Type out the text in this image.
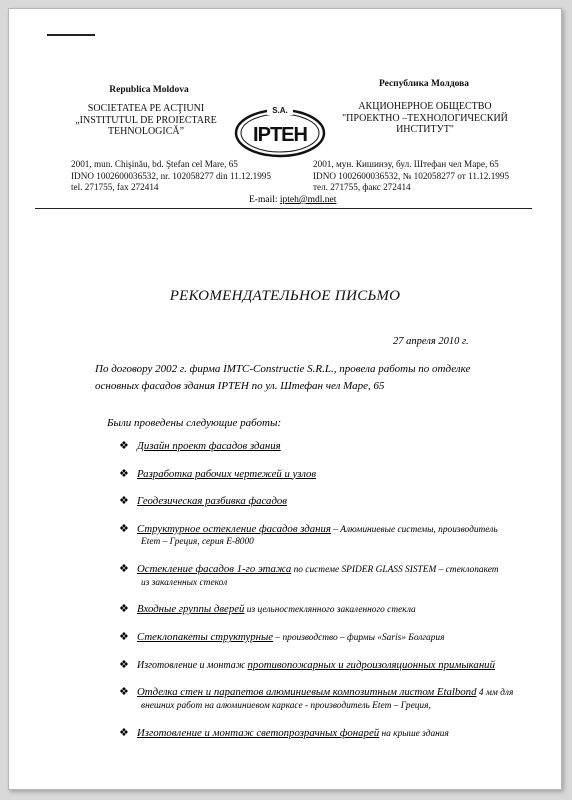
Republica Moldova
SOCIETATEA PE ACŢIUNI
„INSTITUTUL DE PROIECTARE
TEHNOLOGICĂ”
S.A.
IPTEH
Республика Молдова
АКЦИОНЕРНОЕ ОБЩЕСТВО
"ПРОЕКТНО –ТЕХНОЛОГИЧЕСКИЙ
ИНСТИТУТ"
2001, mun. Chişinău, bd. Ştefan cel Mare, 65
IDNO 1002600036532, nr. 102058277 din 11.12.1995
tel. 271755, fax 272414
2001, мун. Кишинэу, бул. Штефан чел Маре, 65
IDNO 1002600036532, № 102058277 от 11.12.1995
тел. 271755, факс 272414
E-mail: ipteh@mdl.net
РЕКОМЕНДАТЕЛЬНОЕ ПИСЬМО
27 апреля 2010 г.
По договору 2002 г. фирма IMTC-Constructie S.R.L., провела работы по отделке
основных фасадов здания IPTEH по ул. Штефан чел Маре, 65
Были проведены следующие работы:
❖ Дизайн проект фасадов здания
❖ Разработка рабочих чертежей и узлов
❖ Геодезическая разбивка фасадов
❖ Структурное остекление фасадов здания – Алюминиевые системы, производитель
Etem – Греция, серия E-8000
❖ Остекление фасадов 1-го этажа по системе SPIDER GLASS SISTEM – стеклопакет
из закаленных стекол
❖ Входные группы дверей из цельностеклянного закаленного стекла
❖ Стеклопакеты структурные – производство – фирмы «Saris» Болгария
❖ Изготовление и монтаж противопожарных и гидроизоляционных примыканий
❖ Отделка стен и парапетов алюминиевым композитным листом Etalbond 4 мм для
внешних работ на алюминиевом каркасе - производитель Etem – Греция,
❖ Изготовление и монтаж светопрозрачных фонарей на крыше здания
